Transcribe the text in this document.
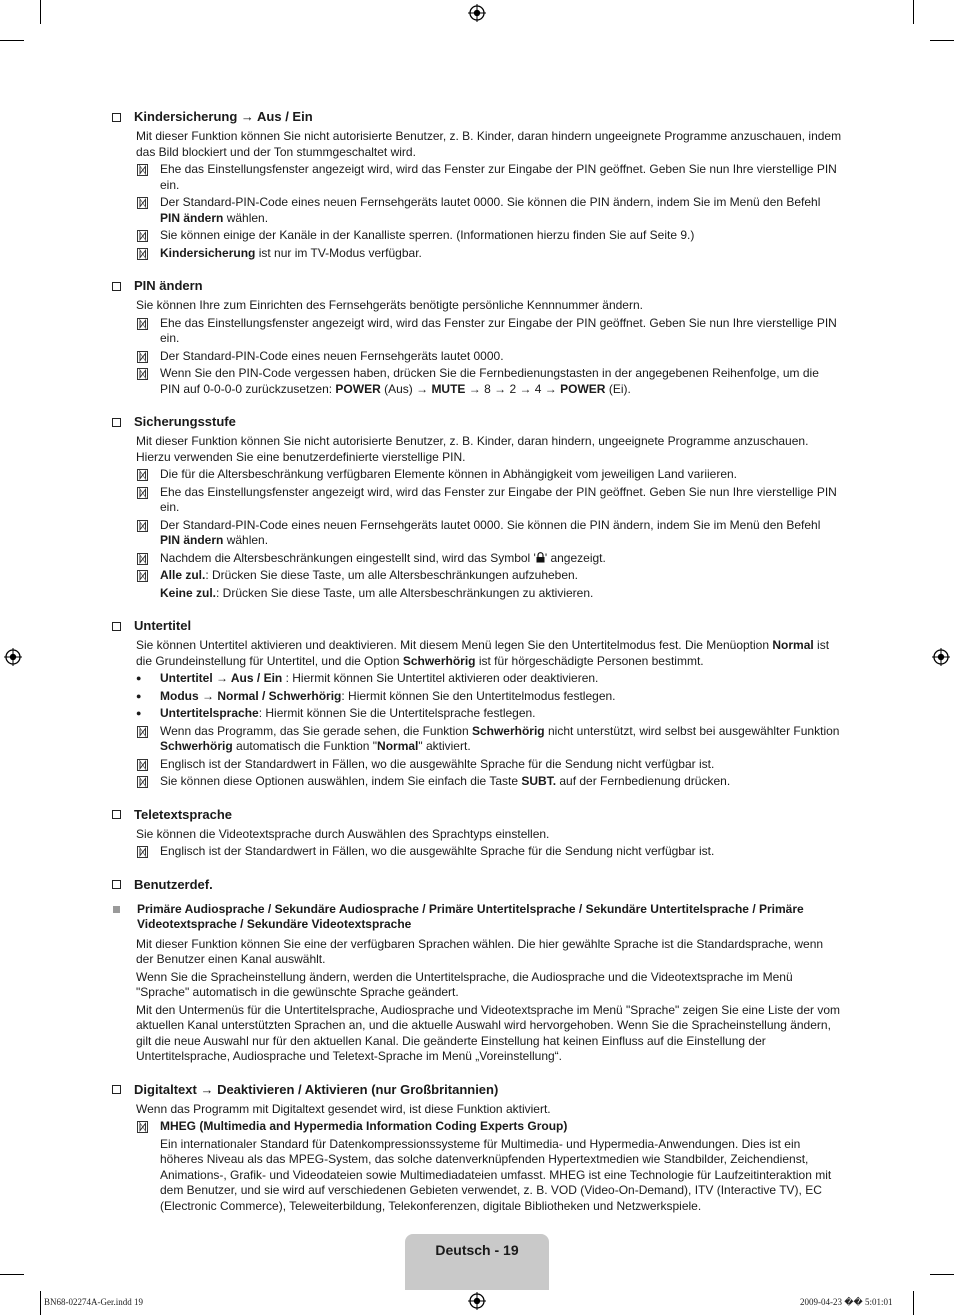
Kindersicherung → Aus / Ein
Mit dieser Funktion können Sie nicht autorisierte Benutzer, z. B. Kinder, daran hindern ungeeignete Programme anzuschauen, indem das Bild blockiert und der Ton stummgeschaltet wird.
Ehe das Einstellungsfenster angezeigt wird, wird das Fenster zur Eingabe der PIN geöffnet. Geben Sie nun Ihre vierstellige PIN ein.
Der Standard-PIN-Code eines neuen Fernsehgeräts lautet 0000. Sie können die PIN ändern, indem Sie im Menü den Befehl PIN ändern wählen.
Sie können einige der Kanäle in der Kanalliste sperren. (Informationen hierzu finden Sie auf Seite 9.)
Kindersicherung ist nur im TV-Modus verfügbar.
PIN ändern
Sie können Ihre zum Einrichten des Fernsehgeräts benötigte persönliche Kennnummer ändern.
Ehe das Einstellungsfenster angezeigt wird, wird das Fenster zur Eingabe der PIN geöffnet. Geben Sie nun Ihre vierstellige PIN ein.
Der Standard-PIN-Code eines neuen Fernsehgeräts lautet 0000.
Wenn Sie den PIN-Code vergessen haben, drücken Sie die Fernbedienungstasten in der angegebenen Reihenfolge, um die PIN auf 0-0-0-0 zurückzusetzen: POWER (Aus) → MUTE → 8 → 2 → 4 → POWER (Ei).
Sicherungsstufe
Mit dieser Funktion können Sie nicht autorisierte Benutzer, z. B. Kinder, daran hindern, ungeeignete Programme anzuschauen. Hierzu verwenden Sie eine benutzerdefinierte vierstellige PIN.
Die für die Altersbeschränkung verfügbaren Elemente können in Abhängigkeit vom jeweiligen Land variieren.
Ehe das Einstellungsfenster angezeigt wird, wird das Fenster zur Eingabe der PIN geöffnet. Geben Sie nun Ihre vierstellige PIN ein.
Der Standard-PIN-Code eines neuen Fernsehgeräts lautet 0000. Sie können die PIN ändern, indem Sie im Menü den Befehl PIN ändern wählen.
Nachdem die Altersbeschränkungen eingestellt sind, wird das Symbol ' ' angezeigt.
Alle zul.: Drücken Sie diese Taste, um alle Altersbeschränkungen aufzuheben.
Keine zul.: Drücken Sie diese Taste, um alle Altersbeschränkungen zu aktivieren.
Untertitel
Sie können Untertitel aktivieren und deaktivieren. Mit diesem Menü legen Sie den Untertitelmodus fest. Die Menüoption Normal ist die Grundeinstellung für Untertitel, und die Option Schwerhörig ist für hörgeschädigte Personen bestimmt.
●	Untertitel → Aus / Ein : Hiermit können Sie Untertitel aktivieren oder deaktivieren.
●	Modus → Normal / Schwerhörig: Hiermit können Sie den Untertitelmodus festlegen.
●	Untertitelsprache: Hiermit können Sie die Untertitelsprache festlegen.
Wenn das Programm, das Sie gerade sehen, die Funktion Schwerhörig nicht unterstützt, wird selbst bei ausgewählter Funktion Schwerhörig automatisch die Funktion "Normal" aktiviert.
Englisch ist der Standardwert in Fällen, wo die ausgewählte Sprache für die Sendung nicht verfügbar ist.
Sie können diese Optionen auswählen, indem Sie einfach die Taste SUBT. auf der Fernbedienung drücken.
Teletextsprache
Sie können die Videotextsprache durch Auswählen des Sprachtyps einstellen.
Englisch ist der Standardwert in Fällen, wo die ausgewählte Sprache für die Sendung nicht verfügbar ist.
Benutzerdef.
Primäre Audiosprache / Sekundäre Audiosprache / Primäre Untertitelsprache / Sekundäre Untertitelsprache / Primäre Videotextsprache / Sekundäre Videotextsprache
Mit dieser Funktion können Sie eine der verfügbaren Sprachen wählen. Die hier gewählte Sprache ist die Standardsprache, wenn der Benutzer einen Kanal auswählt.
Wenn Sie die Spracheinstellung ändern, werden die Untertitelsprache, die Audiosprache und die Videotextsprache im Menü "Sprache" automatisch in die gewünschte Sprache geändert.
Mit den Untermenüs für die Untertitelsprache, Audiosprache und Videotextsprache im Menü "Sprache" zeigen Sie eine Liste der vom aktuellen Kanal unterstützten Sprachen an, und die aktuelle Auswahl wird hervorgehoben. Wenn Sie die Spracheinstellung ändern, gilt die neue Auswahl nur für den aktuellen Kanal. Die geänderte Einstellung hat keinen Einfluss auf die Einstellung der Untertitelsprache, Audiosprache und Teletext-Sprache im Menü „Voreinstellung“.
Digitaltext → Deaktivieren / Aktivieren (nur Großbritannien)
Wenn das Programm mit Digitaltext gesendet wird, ist diese Funktion aktiviert.
MHEG (Multimedia and Hypermedia Information Coding Experts Group)
Ein internationaler Standard für Datenkompressionssysteme für Multimedia- und Hypermedia-Anwendungen. Dies ist ein höheres Niveau als das MPEG-System, das solche datenverknüpfenden Hypertextmedien wie Standbilder, Zeichendienst, Animations-, Grafik- und Videodateien sowie Multimediadateien umfasst. MHEG ist eine Technologie für Laufzeitinteraktion mit dem Benutzer, und sie wird auf verschiedenen Gebieten verwendet, z. B. VOD (Video-On-Demand), ITV (Interactive TV), EC (Electronic Commerce), Teleweiterbildung, Telekonferenzen, digitale Bibliotheken und Netzwerkspiele.
Deutsch - 19
BN68-02274A-Ger.indd 19	2009-04-23 �� 5:01:01
